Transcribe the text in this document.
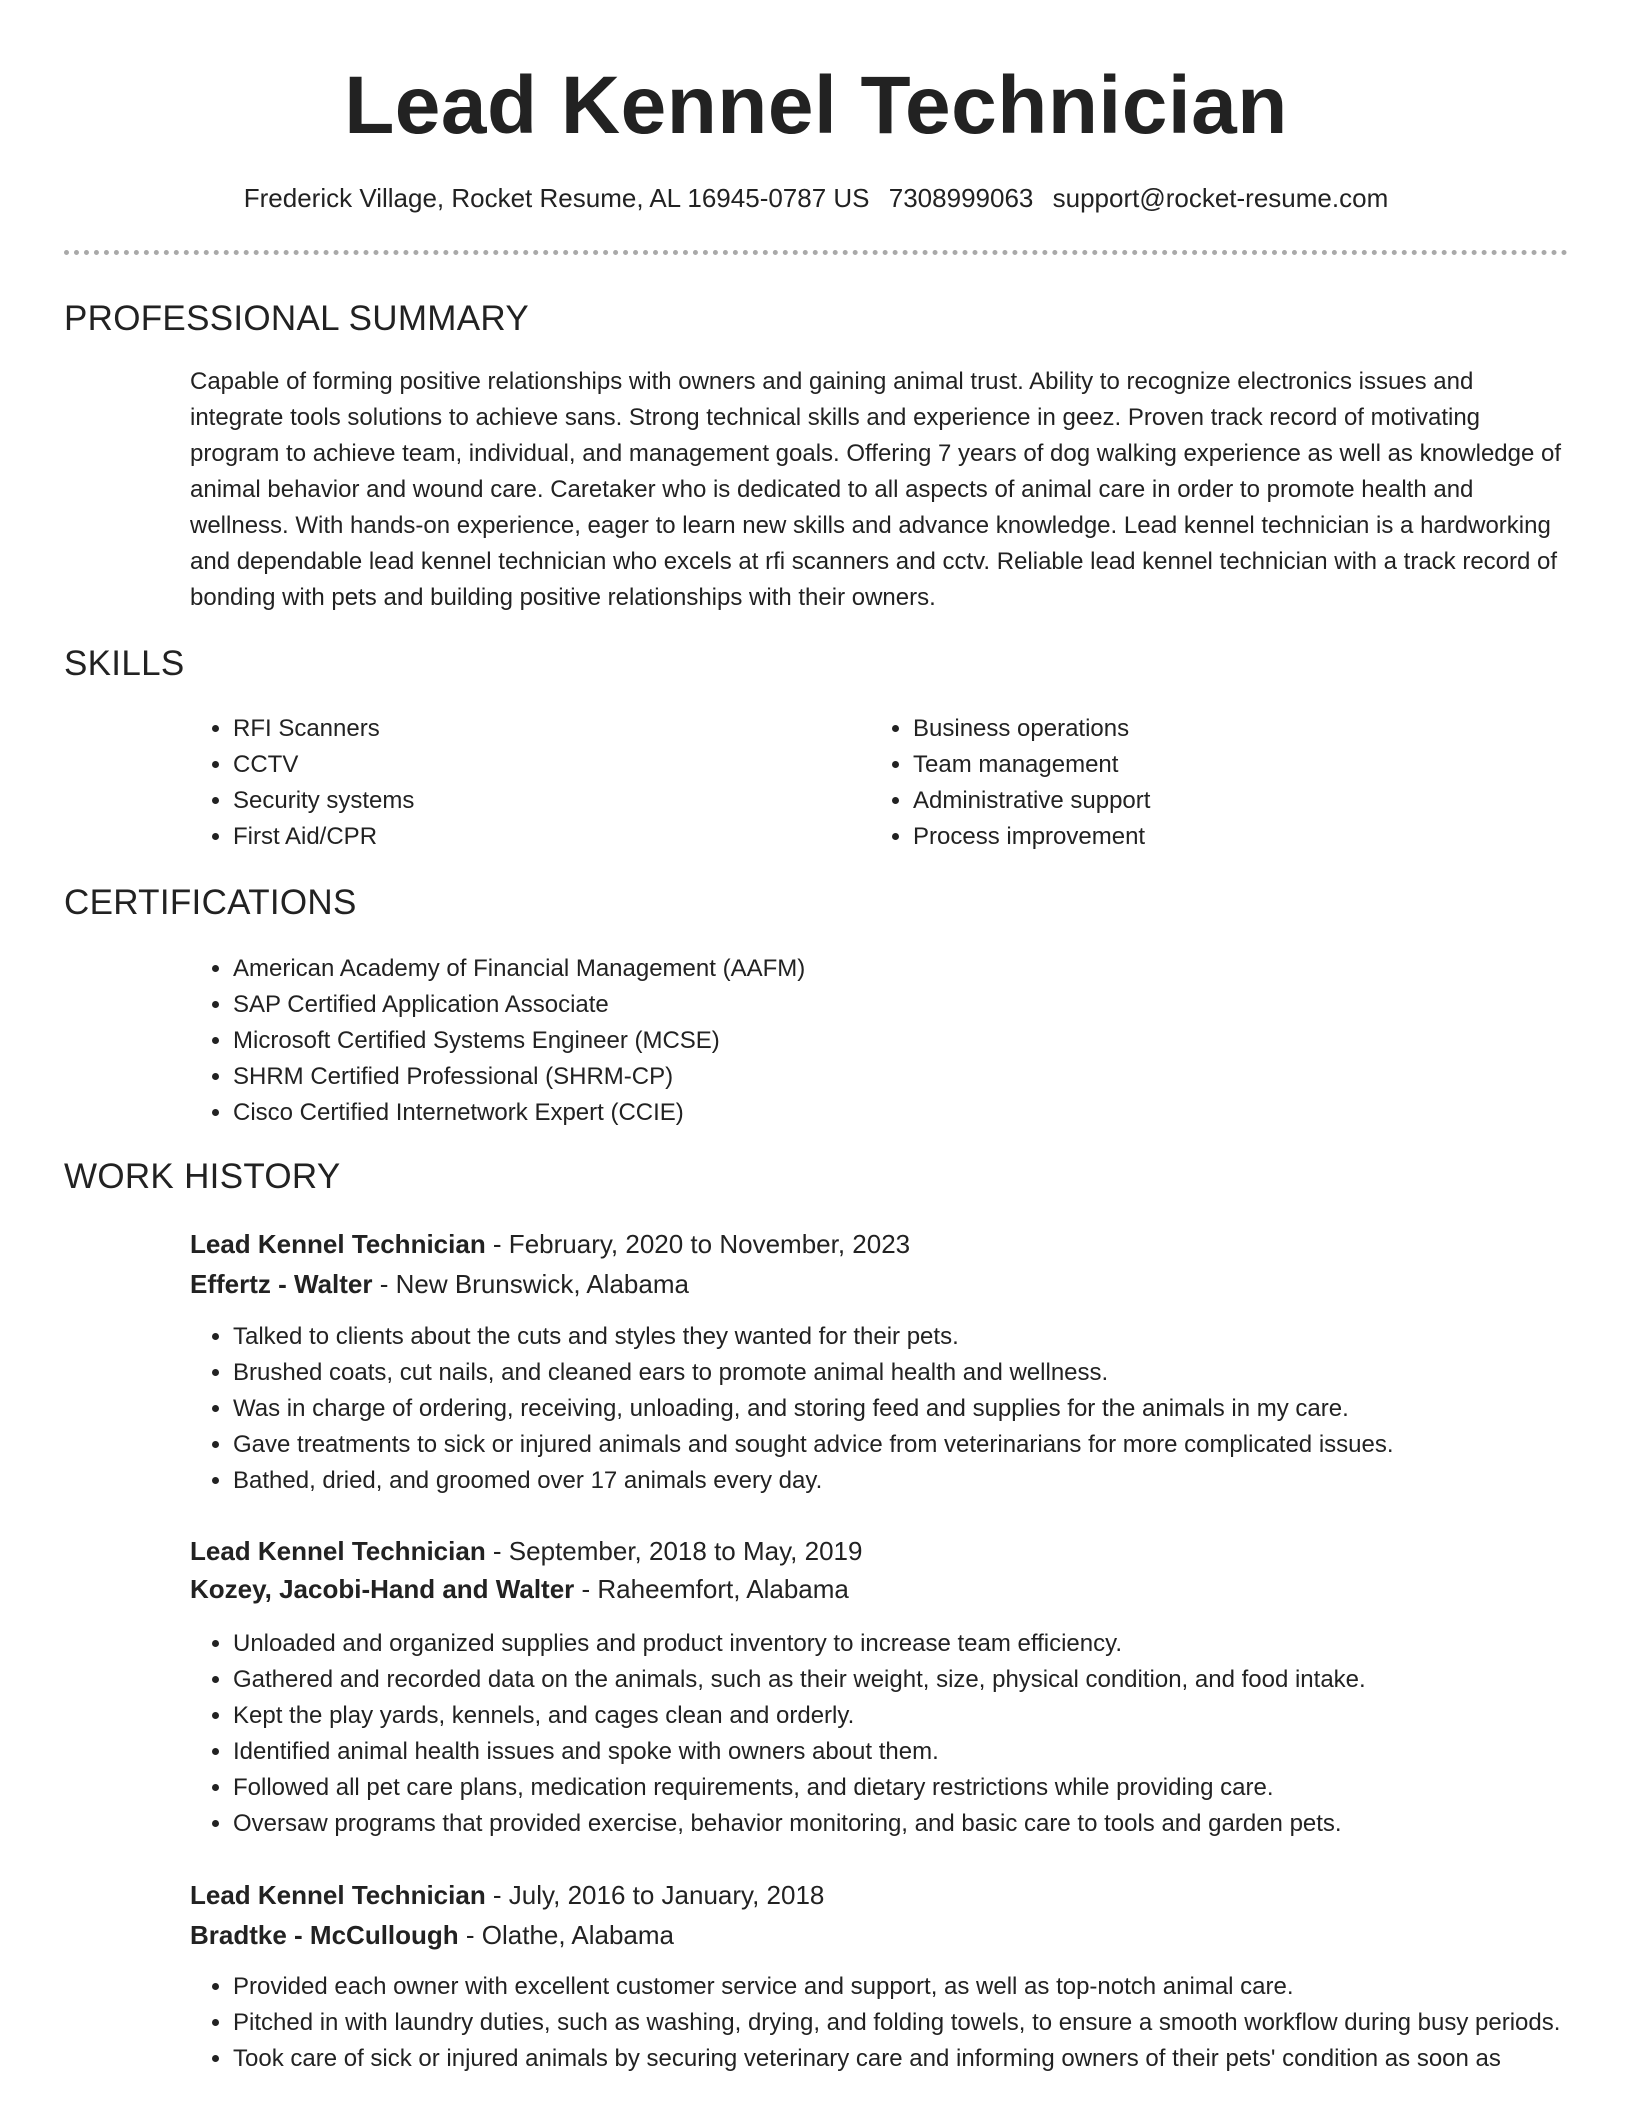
Lead Kennel Technician
Frederick Village, Rocket Resume, AL 16945-0787 US 7308999063 support@rocket-resume.com
PROFESSIONAL SUMMARY

Capable of forming positive relationships with owners and gaining animal trust. Ability to recognize electronics issues and integrate tools solutions to achieve sans. Strong technical skills and experience in geez. Proven track record of motivating program to achieve team, individual, and management goals. Offering 7 years of dog walking experience as well as knowledge of animal behavior and wound care. Caretaker who is dedicated to all aspects of animal care in order to promote health and wellness. With hands-on experience, eager to learn new skills and advance knowledge. Lead kennel technician is a hardworking and dependable lead kennel technician who excels at rfi scanners and cctv. Reliable lead kennel technician with a track record of bonding with pets and building positive relationships with their owners.

SKILLS
• RFI Scanners
• CCTV
• Security systems
• First Aid/CPR
• Business operations
• Team management
• Administrative support
• Process improvement
CERTIFICATIONS
• American Academy of Financial Management (AAFM)
• SAP Certified Application Associate
• Microsoft Certified Systems Engineer (MCSE)
• SHRM Certified Professional (SHRM-CP)
• Cisco Certified Internetwork Expert (CCIE)
WORK HISTORY
Lead Kennel Technician - February, 2020 to November, 2023
Effertz - Walter - New Brunswick, Alabama
• Talked to clients about the cuts and styles they wanted for their pets.
• Brushed coats, cut nails, and cleaned ears to promote animal health and wellness.
• Was in charge of ordering, receiving, unloading, and storing feed and supplies for the animals in my care.
• Gave treatments to sick or injured animals and sought advice from veterinarians for more complicated issues.
• Bathed, dried, and groomed over 17 animals every day.
Lead Kennel Technician - September, 2018 to May, 2019
Kozey, Jacobi-Hand and Walter - Raheemfort, Alabama
• Unloaded and organized supplies and product inventory to increase team efficiency.
• Gathered and recorded data on the animals, such as their weight, size, physical condition, and food intake.
• Kept the play yards, kennels, and cages clean and orderly.
• Identified animal health issues and spoke with owners about them.
• Followed all pet care plans, medication requirements, and dietary restrictions while providing care.
• Oversaw programs that provided exercise, behavior monitoring, and basic care to tools and garden pets.
Lead Kennel Technician - July, 2016 to January, 2018
Bradtke - McCullough - Olathe, Alabama
• Provided each owner with excellent customer service and support, as well as top-notch animal care.
• Pitched in with laundry duties, such as washing, drying, and folding towels, to ensure a smooth workflow during busy periods.
• Took care of sick or injured animals by securing veterinary care and informing owners of their pets' condition as soon as
